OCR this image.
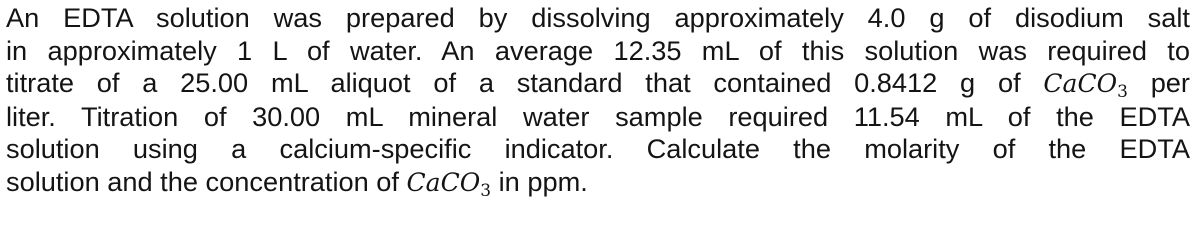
An EDTA solution was prepared by dissolving approximately 4.0 g of disodium salt
in approximately 1 L of water. An average 12.35 mL of this solution was required to
titrate of a 25.00 mL aliquot of a standard that contained 0.8412 g of CaCO$_3$ per
liter. Titration of 30.00 mL mineral water sample required 11.54 mL of the EDTA
solution using a calcium-specific indicator. Calculate the molarity of the EDTA
solution and the concentration of CaCO$_3$ in ppm.
